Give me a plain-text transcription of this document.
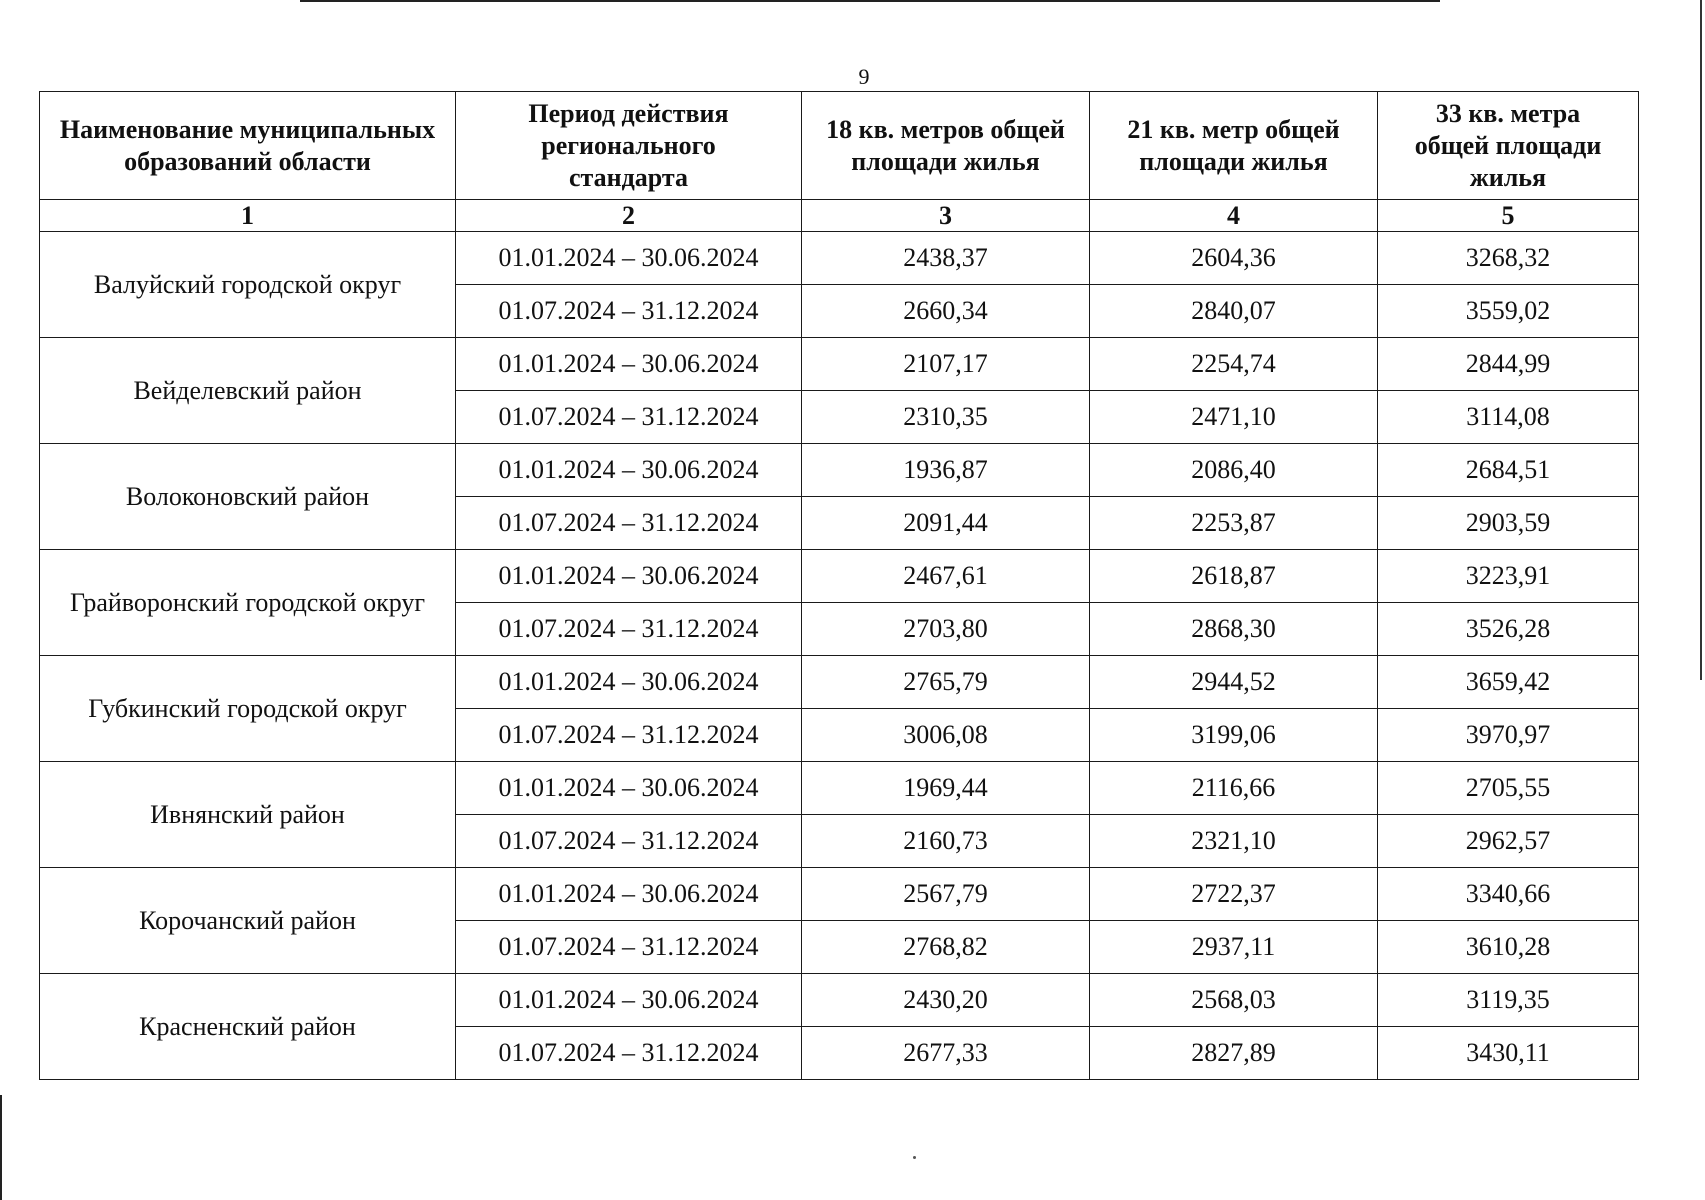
9
Наименование муниципальных образований области	Период действия регионального стандарта	18 кв. метров общей площади жилья	21 кв. метр общей площади жилья	33 кв. метра общей площади жилья
1	2	3	4	5
Валуйский городской округ	01.01.2024 – 30.06.2024	2438,37	2604,36	3268,32
	01.07.2024 – 31.12.2024	2660,34	2840,07	3559,02
Вейделевский район	01.01.2024 – 30.06.2024	2107,17	2254,74	2844,99
	01.07.2024 – 31.12.2024	2310,35	2471,10	3114,08
Волоконовский район	01.01.2024 – 30.06.2024	1936,87	2086,40	2684,51
	01.07.2024 – 31.12.2024	2091,44	2253,87	2903,59
Грайворонский городской округ	01.01.2024 – 30.06.2024	2467,61	2618,87	3223,91
	01.07.2024 – 31.12.2024	2703,80	2868,30	3526,28
Губкинский городской округ	01.01.2024 – 30.06.2024	2765,79	2944,52	3659,42
	01.07.2024 – 31.12.2024	3006,08	3199,06	3970,97
Ивнянский район	01.01.2024 – 30.06.2024	1969,44	2116,66	2705,55
	01.07.2024 – 31.12.2024	2160,73	2321,10	2962,57
Корочанский район	01.01.2024 – 30.06.2024	2567,79	2722,37	3340,66
	01.07.2024 – 31.12.2024	2768,82	2937,11	3610,28
Красненский район	01.01.2024 – 30.06.2024	2430,20	2568,03	3119,35
	01.07.2024 – 31.12.2024	2677,33	2827,89	3430,11
